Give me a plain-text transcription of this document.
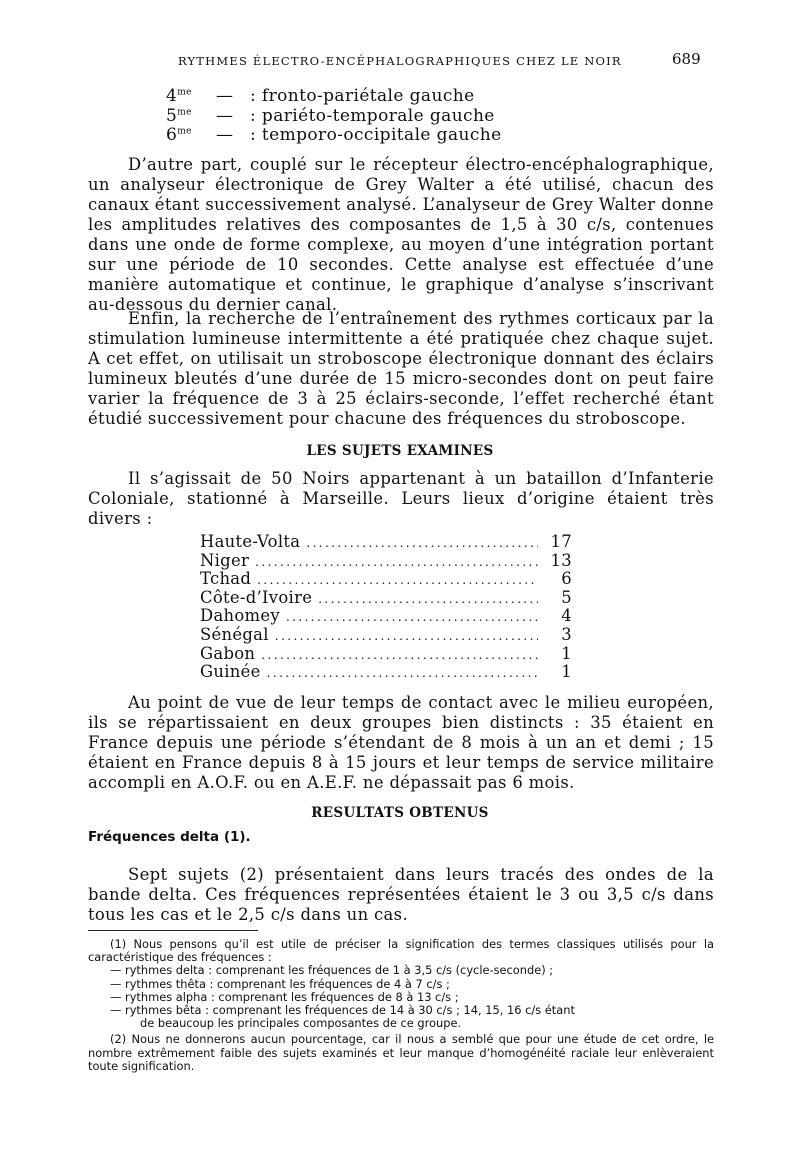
RYTHMES ÉLECTRO-ENCÉPHALOGRAPHIQUES CHEZ LE NOIR	689
$4^{me}$ — : fronto-pariétale gauche
$5^{me}$ — : pariéto-temporale gauche
$6^{me}$ — : temporo-occipitale gauche

D’autre part, couplé sur le récepteur électro-encéphalographique, un analyseur électronique de Grey Walter a été utilisé, chacun des canaux étant successivement analysé. L’analyseur de Grey Walter donne les amplitudes relatives des composantes de 1,5 à 30 c/s, contenues dans une onde de forme complexe, au moyen d’une intégration portant sur une période de 10 secondes. Cette analyse est effectuée d’une manière automatique et continue, le graphique d’analyse s’inscrivant au-dessous du dernier canal.

Enfin, la recherche de l’entraînement des rythmes corticaux par la stimulation lumineuse intermittente a été pratiquée chez chaque sujet. A cet effet, on utilisait un stroboscope électronique donnant des éclairs lumineux bleutés d’une durée de 15 micro-secondes dont on peut faire varier la fréquence de 3 à 25 éclairs-seconde, l’effet recherché étant étudié successivement pour chacune des fréquences du stroboscope.

LES SUJETS EXAMINES

Il s’agissait de 50 Noirs appartenant à un bataillon d’Infanterie Coloniale, stationné à Marseille. Leurs lieux d’origine étaient très divers :

Haute-Volta .....	17
Niger .....	13
Tchad .....	6
Côte-d’Ivoire .....	5
Dahomey .....	4
Sénégal .....	3
Gabon .....	1
Guinée .....	1

Au point de vue de leur temps de contact avec le milieu européen, ils se répartissaient en deux groupes bien distincts : 35 étaient en France depuis une période s’étendant de 8 mois à un an et demi ; 15 étaient en France depuis 8 à 15 jours et leur temps de service militaire accompli en A.O.F. ou en A.E.F. ne dépassait pas 6 mois.

RESULTATS OBTENUS
Fréquences delta (1).

Sept sujets (2) présentaient dans leurs tracés des ondes de la bande delta. Ces fréquences représentées étaient le 3 ou 3,5 c/s dans tous les cas et le 2,5 c/s dans un cas.

(1) Nous pensons qu’il est utile de préciser la signification des termes classiques utilisés pour la caractéristique des fréquences :

— rythmes delta : comprenant les fréquences de 1 à 3,5 c/s (cycle-seconde) ;

— rythmes thêta : comprenant les fréquences de 4 à 7 c/s ;

— rythmes alpha : comprenant les fréquences de 8 à 13 c/s ;

— rythmes bêta : comprenant les fréquences de 14 à 30 c/s ; 14, 15, 16 c/s étant
de beaucoup les principales composantes de ce groupe.

(2) Nous ne donnerons aucun pourcentage, car il nous a semblé que pour une étude de cet ordre, le nombre extrêmement faible des sujets examinés et leur manque d’homogénéité raciale leur enlèveraient toute signification.
